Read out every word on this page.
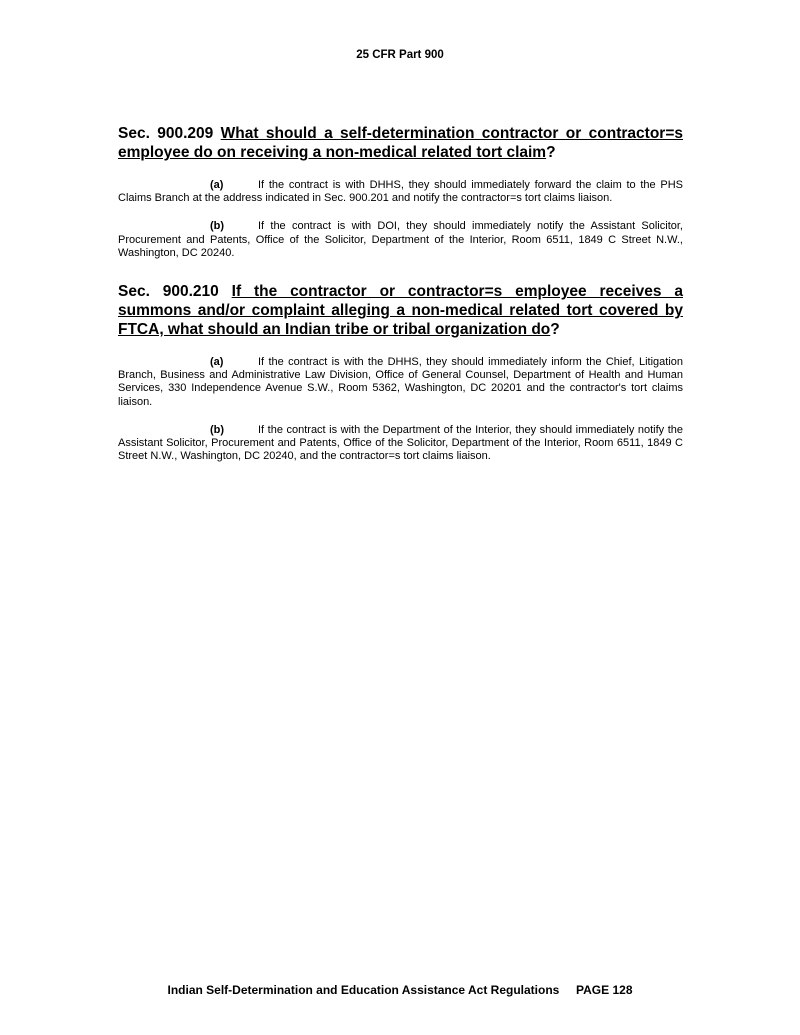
25 CFR Part 900
Sec. 900.209 What should a self-determination contractor or contractor=s employee do on receiving a non-medical related tort claim?
(a)	If the contract is with DHHS, they should immediately forward the claim to the PHS Claims Branch at the address indicated in Sec. 900.201 and notify the contractor=s tort claims liaison.
(b)	If the contract is with DOI, they should immediately notify the Assistant Solicitor, Procurement and Patents, Office of the Solicitor, Department of the Interior, Room 6511, 1849 C Street N.W., Washington, DC 20240.
Sec. 900.210 If the contractor or contractor=s employee receives a summons and/or complaint alleging a non-medical related tort covered by FTCA, what should an Indian tribe or tribal organization do?
(a)	If the contract is with the DHHS, they should immediately inform the Chief, Litigation Branch, Business and Administrative Law Division, Office of General Counsel, Department of Health and Human Services, 330 Independence Avenue S.W., Room 5362, Washington, DC 20201 and the contractor's tort claims liaison.
(b)	If the contract is with the Department of the Interior, they should immediately notify the Assistant Solicitor, Procurement and Patents, Office of the Solicitor, Department of the Interior, Room 6511, 1849 C Street N.W., Washington, DC 20240, and the contractor=s tort claims liaison.
Indian Self-Determination and Education Assistance Act Regulations PAGE 128
